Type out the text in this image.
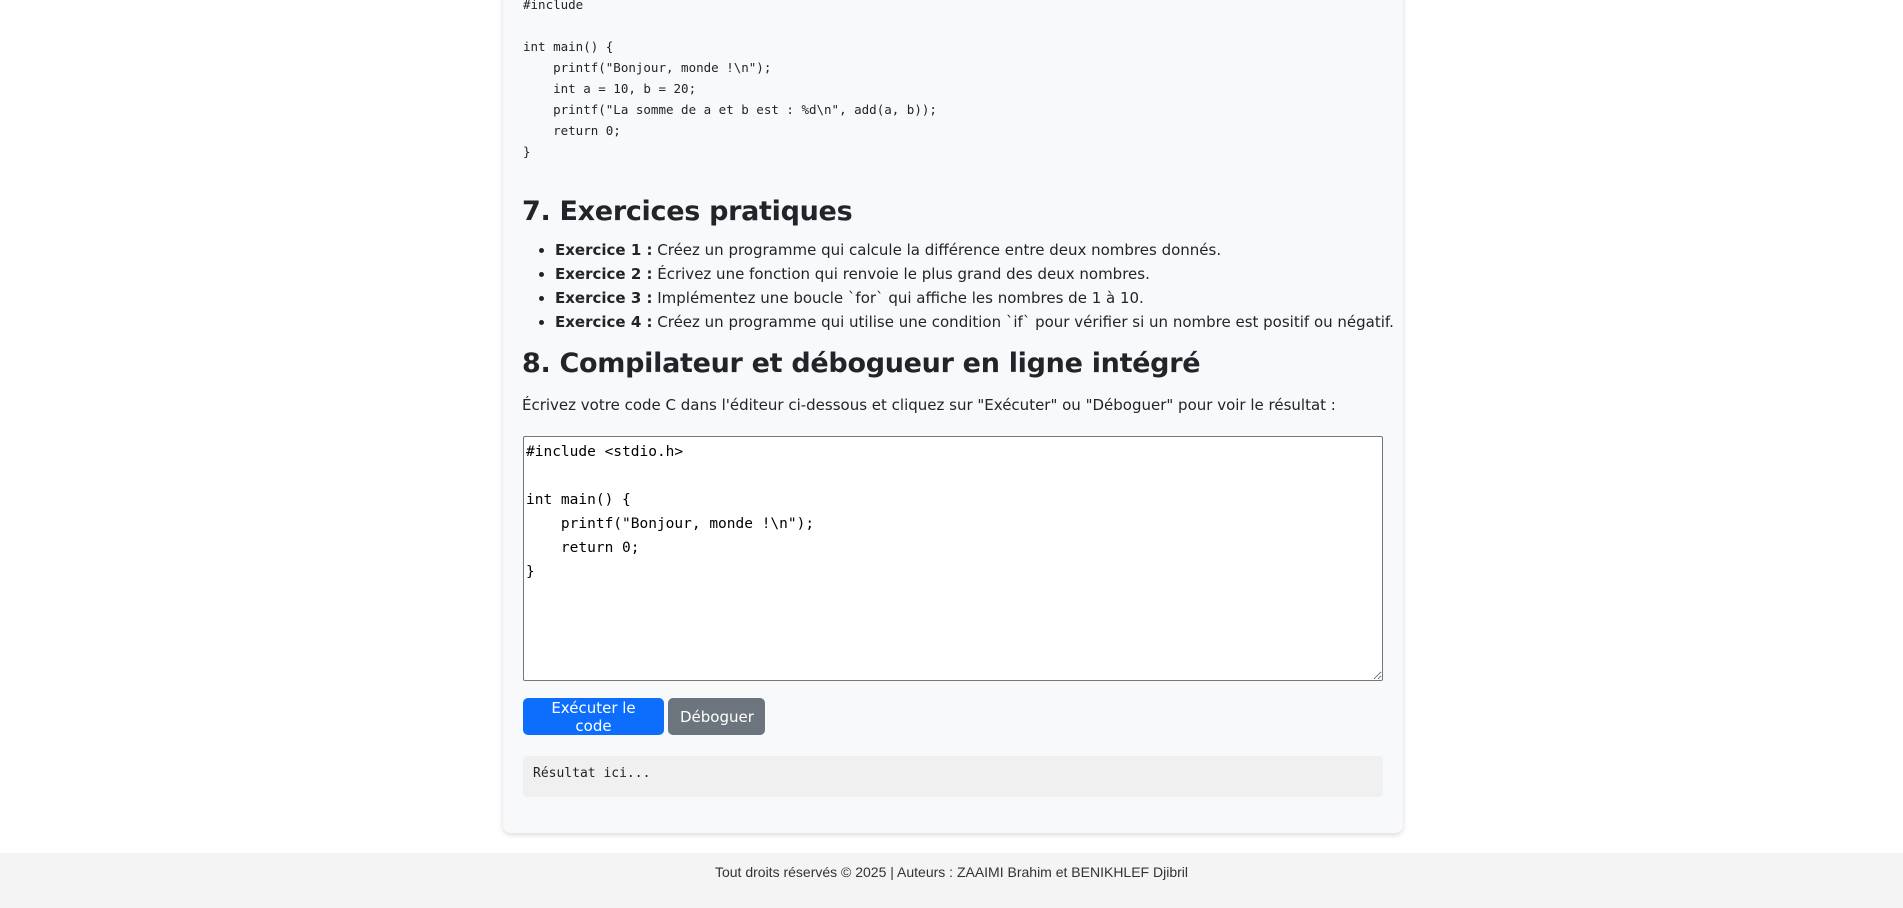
#include

int main() {
printf("Bonjour, monde !\n");
int a = 10, b = 20;
printf("La somme de a et b est : %d\n", add(a, b));
return 0;
}
7. Exercices pratiques
• Exercice 1 : Créez un programme qui calcule la différence entre deux nombres donnés.
• Exercice 2 : Écrivez une fonction qui renvoie le plus grand des deux nombres.
• Exercice 3 : Implémentez une boucle `for` qui affiche les nombres de 1 à 10.
• Exercice 4 : Créez un programme qui utilise une condition `if` pour vérifier si un nombre est positif ou négatif.
8. Compilateur et débogueur en ligne intégré

Écrivez votre code C dans l'éditeur ci-dessous et cliquez sur "Exécuter" ou "Déboguer" pour voir le résultat :

#include <stdio.h> int main() { printf("Bonjour, monde !\n"); return 0; }
Exécuter le code	Déboguer
Résultat ici...
Tout droits réservés © 2025 | Auteurs : ZAAIMI Brahim et BENIKHLEF Djibril
